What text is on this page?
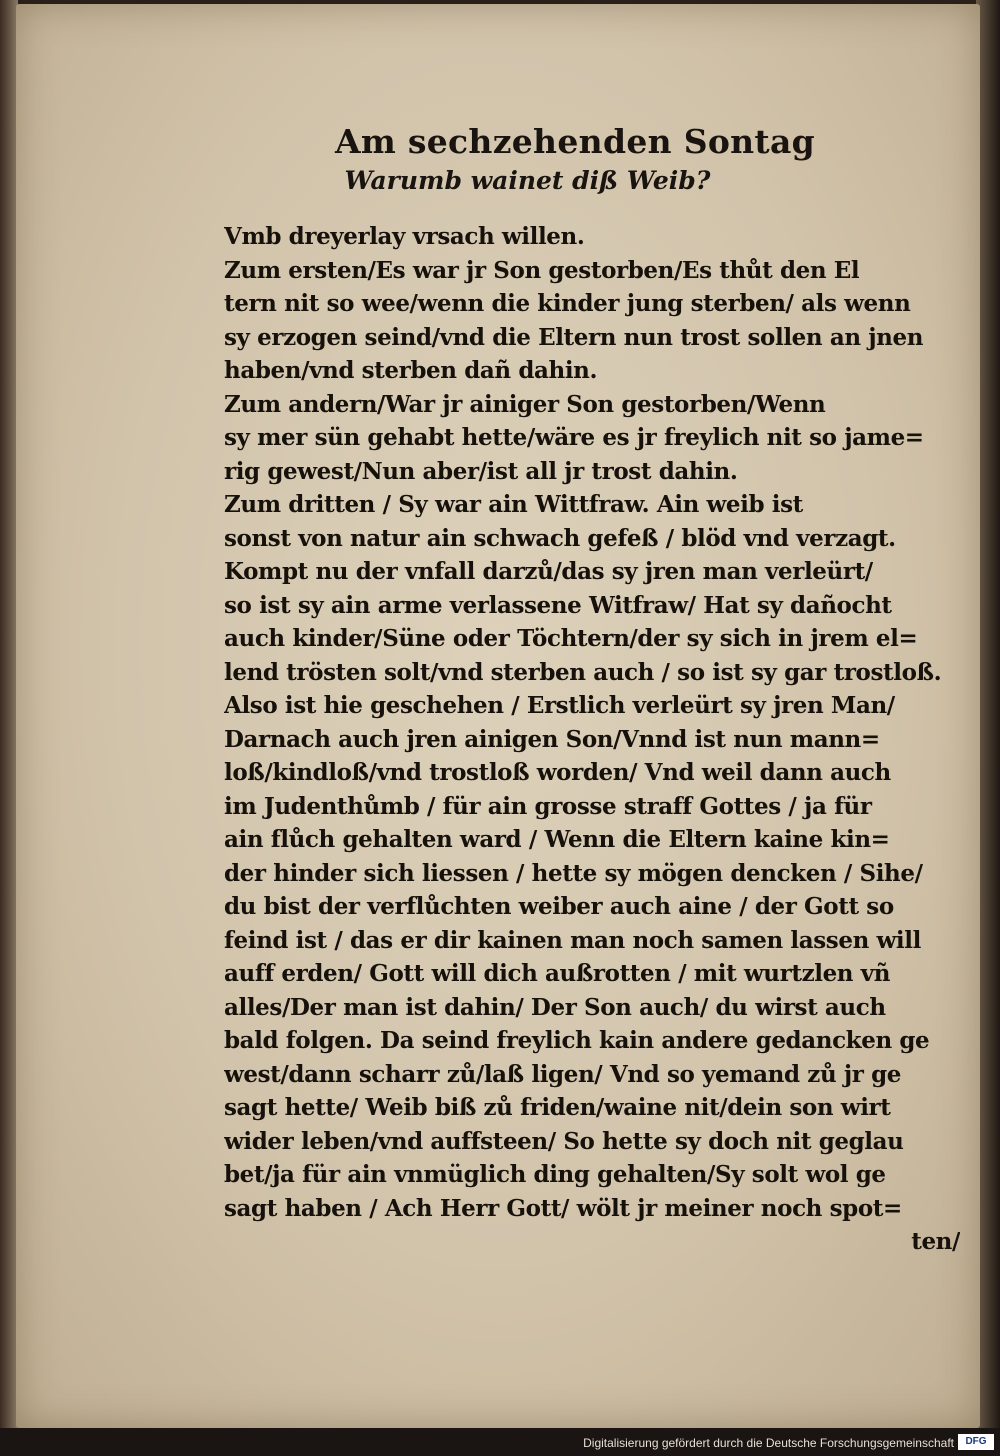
Am sechzehenden Sontag
Warumb wainet diß Weib?
Vmb dreyerlay vrsach willen.
Zum ersten/Es war jr Son gestorben/Es thůt den El
tern nit so wee/wenn die kinder jung sterben/ als wenn
sy erzogen seind/vnd die Eltern nun trost sollen an jnen
haben/vnd sterben dañ dahin.
Zum andern/War jr ainiger Son gestorben/Wenn
sy mer sün gehabt hette/wäre es jr freylich nit so jame=
rig gewest/Nun aber/ist all jr trost dahin.
Zum dritten / Sy war ain Wittfraw. Ain weib ist
sonst von natur ain schwach gefeß / blöd vnd verzagt.
Kompt nu der vnfall darzů/das sy jren man verleürt/
so ist sy ain arme verlassene Witfraw/ Hat sy dañocht
auch kinder/Süne oder Töchtern/der sy sich in jrem el=
lend trösten solt/vnd sterben auch / so ist sy gar trostloß.
Also ist hie geschehen / Erstlich verleürt sy jren Man/
Darnach auch jren ainigen Son/Vnnd ist nun mann=
loß/kindloß/vnd trostloß worden/ Vnd weil dann auch
im Judenthůmb / für ain grosse straff Gottes / ja für
ain flůch gehalten ward / Wenn die Eltern kaine kin=
der hinder sich liessen / hette sy mögen dencken / Sihe/
du bist der verflůchten weiber auch aine / der Gott so
feind ist / das er dir kainen man noch samen lassen will
auff erden/ Gott will dich außrotten / mit wurtzlen vñ
alles/Der man ist dahin/ Der Son auch/ du wirst auch
bald folgen. Da seind freylich kain andere gedancken ge
west/dann scharr zů/laß ligen/ Vnd so yemand zů jr ge
sagt hette/ Weib biß zů friden/waine nit/dein son wirt
wider leben/vnd auffsteen/ So hette sy doch nit geglau
bet/ja für ain vnmüglich ding gehalten/Sy solt wol ge
sagt haben / Ach Herr Gott/ wölt jr meiner noch spot=
ten/
Digitalisierung gefördert durch die Deutsche Forschungsgemeinschaft	DFG
